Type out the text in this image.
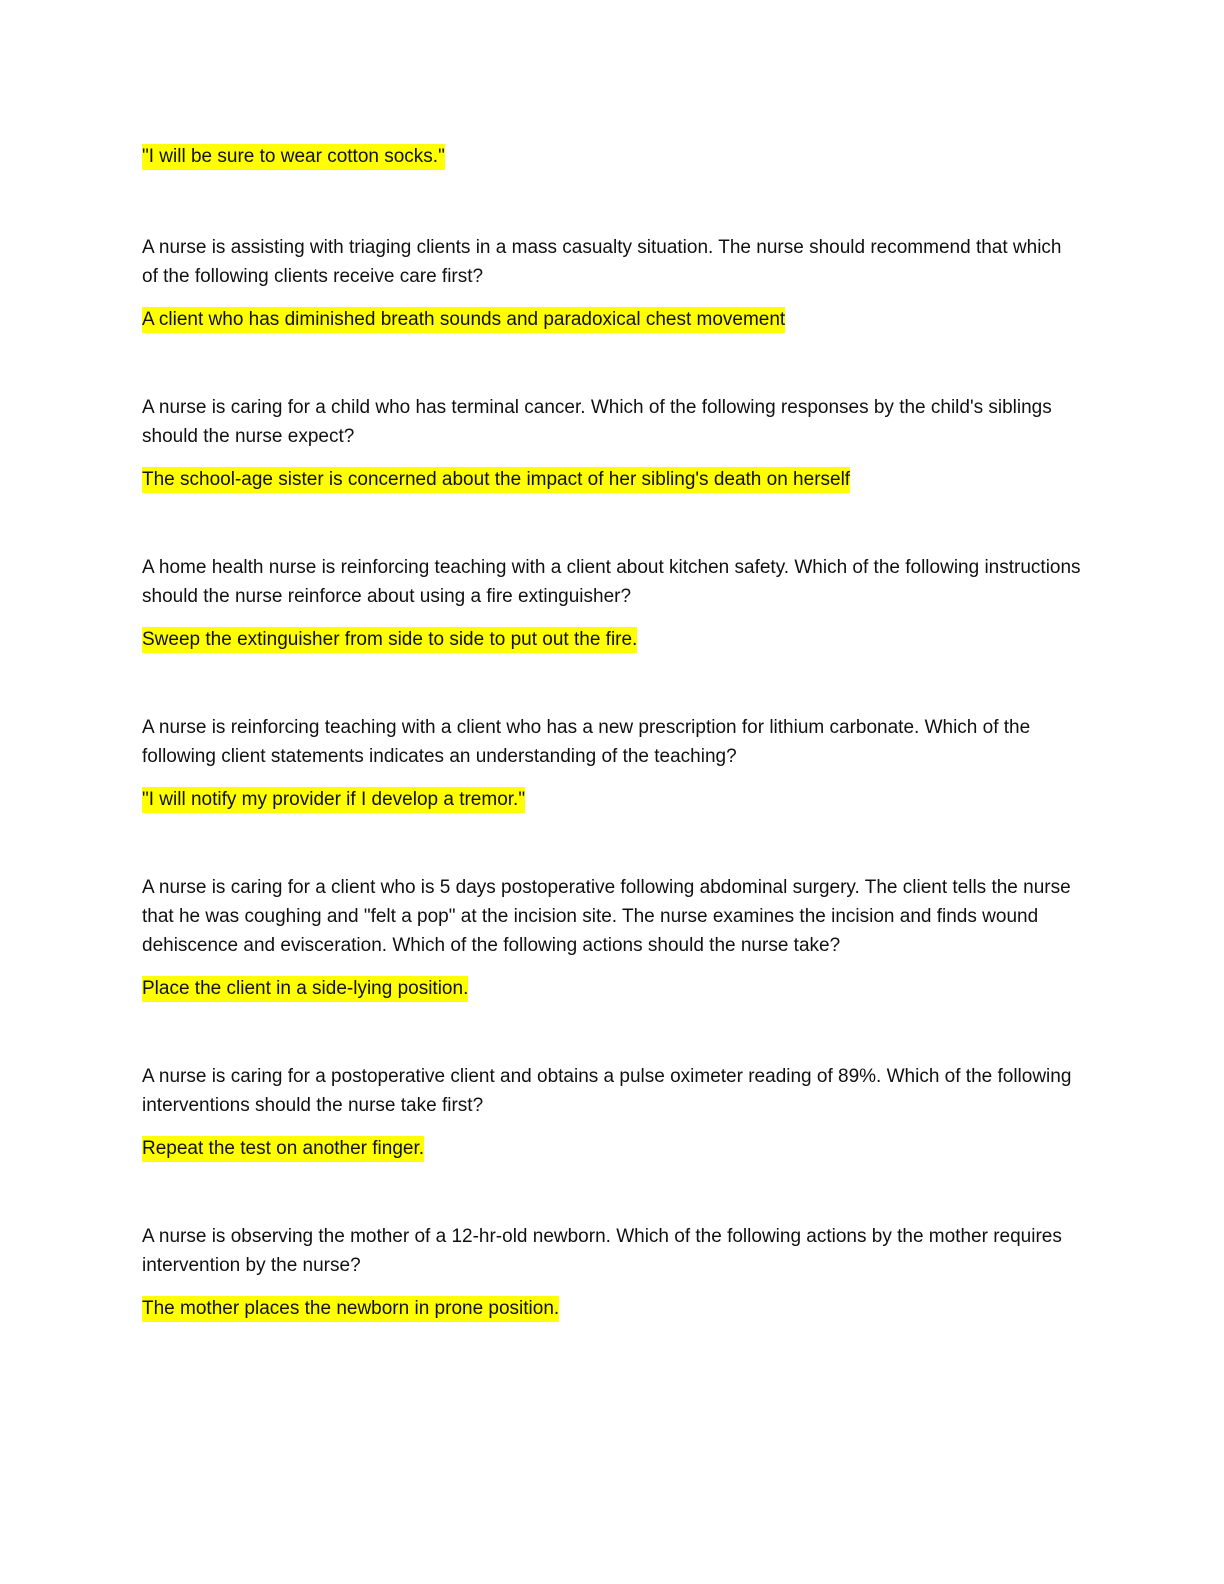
"I will be sure to wear cotton socks."

A nurse is assisting with triaging clients in a mass casualty situation. The nurse should recommend that which of the following clients receive care first?

A client who has diminished breath sounds and paradoxical chest movement

A nurse is caring for a child who has terminal cancer. Which of the following responses by the child's siblings should the nurse expect?

The school-age sister is concerned about the impact of her sibling's death on herself

A home health nurse is reinforcing teaching with a client about kitchen safety. Which of the following instructions should the nurse reinforce about using a fire extinguisher?

Sweep the extinguisher from side to side to put out the fire.

A nurse is reinforcing teaching with a client who has a new prescription for lithium carbonate. Which of the following client statements indicates an understanding of the teaching?

"I will notify my provider if I develop a tremor."

A nurse is caring for a client who is 5 days postoperative following abdominal surgery. The client tells the nurse that he was coughing and "felt a pop" at the incision site. The nurse examines the incision and finds wound dehiscence and evisceration. Which of the following actions should the nurse take?

Place the client in a side-lying position.

A nurse is caring for a postoperative client and obtains a pulse oximeter reading of 89%. Which of the following interventions should the nurse take first?

Repeat the test on another finger.

A nurse is observing the mother of a 12-hr-old newborn. Which of the following actions by the mother requires intervention by the nurse?

The mother places the newborn in prone position.
